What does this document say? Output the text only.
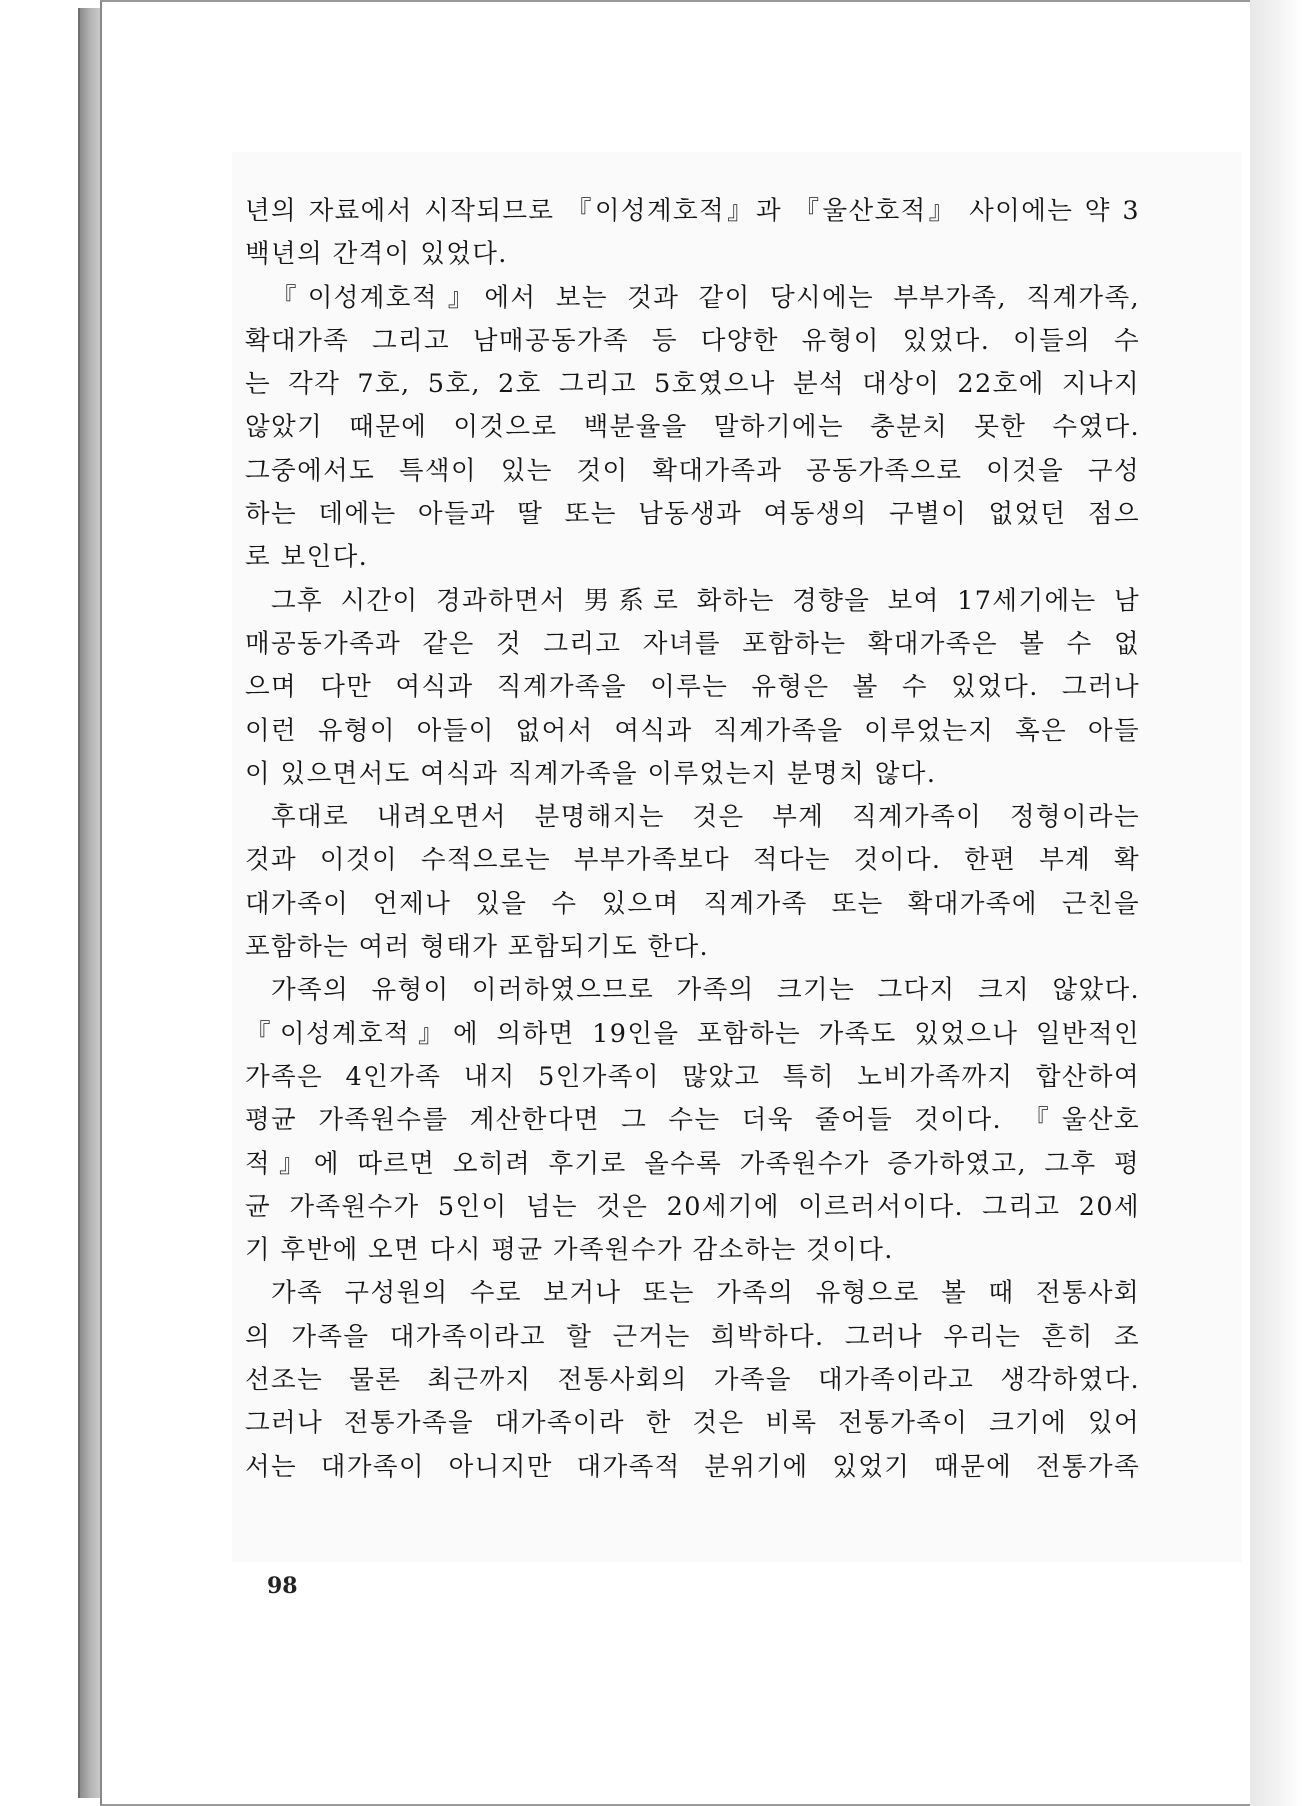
년의 자료에서 시작되므로 『이성계호적』과 『울산호적』 사이에는 약 3

백년의 간격이 있었다.

『이성계호적』에서 보는 것과 같이 당시에는 부부가족, 직계가족,

확대가족 그리고 남매공동가족 등 다양한 유형이 있었다. 이들의 수

는 각각 7호, 5호, 2호 그리고 5호였으나 분석 대상이 22호에 지나지

않았기 때문에 이것으로 백분율을 말하기에는 충분치 못한 수였다.

그중에서도 특색이 있는 것이 확대가족과 공동가족으로 이것을 구성

하는 데에는 아들과 딸 또는 남동생과 여동생의 구별이 없었던 점으

로 보인다.

그후 시간이 경과하면서 男系로 화하는 경향을 보여 17세기에는 남

매공동가족과 같은 것 그리고 자녀를 포함하는 확대가족은 볼 수 없

으며 다만 여식과 직계가족을 이루는 유형은 볼 수 있었다. 그러나

이런 유형이 아들이 없어서 여식과 직계가족을 이루었는지 혹은 아들

이 있으면서도 여식과 직계가족을 이루었는지 분명치 않다.

후대로 내려오면서 분명해지는 것은 부계 직계가족이 정형이라는

것과 이것이 수적으로는 부부가족보다 적다는 것이다. 한편 부계 확

대가족이 언제나 있을 수 있으며 직계가족 또는 확대가족에 근친을

포함하는 여러 형태가 포함되기도 한다.

가족의 유형이 이러하였으므로 가족의 크기는 그다지 크지 않았다.

『이성계호적』에 의하면 19인을 포함하는 가족도 있었으나 일반적인

가족은 4인가족 내지 5인가족이 많았고 특히 노비가족까지 합산하여

평균 가족원수를 계산한다면 그 수는 더욱 줄어들 것이다. 『울산호

적』에 따르면 오히려 후기로 올수록 가족원수가 증가하였고, 그후 평

균 가족원수가 5인이 넘는 것은 20세기에 이르러서이다. 그리고 20세

기 후반에 오면 다시 평균 가족원수가 감소하는 것이다.

가족 구성원의 수로 보거나 또는 가족의 유형으로 볼 때 전통사회

의 가족을 대가족이라고 할 근거는 희박하다. 그러나 우리는 흔히 조

선조는 물론 최근까지 전통사회의 가족을 대가족이라고 생각하였다.

그러나 전통가족을 대가족이라 한 것은 비록 전통가족이 크기에 있어

서는 대가족이 아니지만 대가족적 분위기에 있었기 때문에 전통가족

98
